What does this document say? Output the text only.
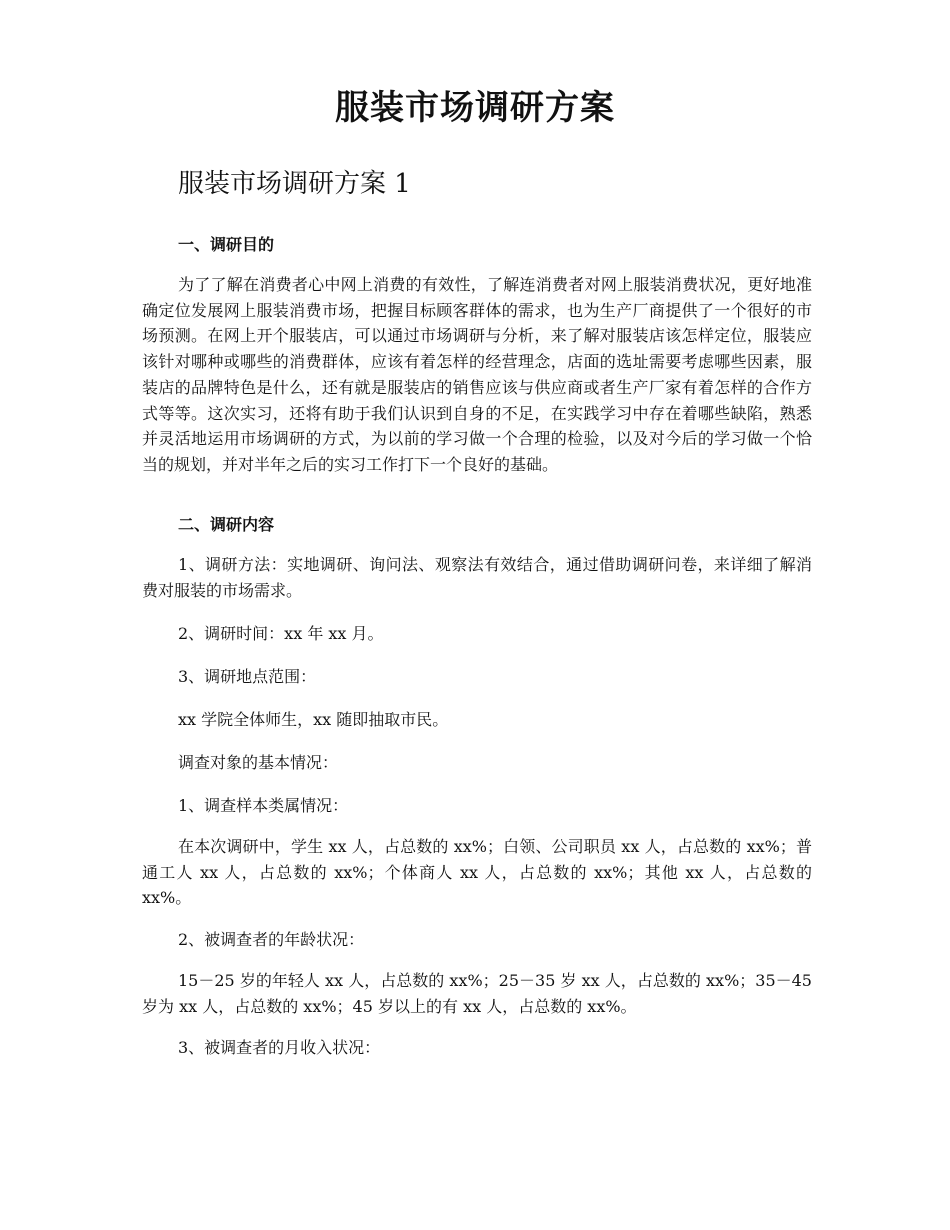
服装市场调研方案
服装市场调研方案 1

一、调研目的

为了了解在消费者心中网上消费的有效性，了解连消费者对网上服装消费状况，更好地准确定位发展网上服装消费市场，把握目标顾客群体的需求，也为生产厂商提供了一个很好的市场预测。在网上开个服装店，可以通过市场调研与分析，来了解对服装店该怎样定位，服装应该针对哪种或哪些的消费群体，应该有着怎样的经营理念，店面的选址需要考虑哪些因素，服装店的品牌特色是什么，还有就是服装店的销售应该与供应商或者生产厂家有着怎样的合作方式等等。这次实习，还将有助于我们认识到自身的不足，在实践学习中存在着哪些缺陷，熟悉并灵活地运用市场调研的方式，为以前的学习做一个合理的检验，以及对今后的学习做一个恰当的规划，并对半年之后的实习工作打下一个良好的基础。

二、调研内容

1、调研方法：实地调研、询问法、观察法有效结合，通过借助调研问卷，来详细了解消费对服装的市场需求。

2、调研时间：xx 年 xx 月。

3、调研地点范围：

xx 学院全体师生，xx 随即抽取市民。

调查对象的基本情况：

1、调查样本类属情况：

在本次调研中，学生 xx 人，占总数的 xx%；白领、公司职员 xx 人，占总数的 xx%；普通工人 xx 人，占总数的 xx%；个体商人 xx 人，占总数的 xx%；其他 xx 人，占总数的 xx%。

2、被调查者的年龄状况：

15－25 岁的年轻人 xx 人，占总数的 xx%；25－35 岁 xx 人，占总数的 xx%；35－45 岁为 xx 人，占总数的 xx%；45 岁以上的有 xx 人，占总数的 xx%。

3、被调查者的月收入状况：
